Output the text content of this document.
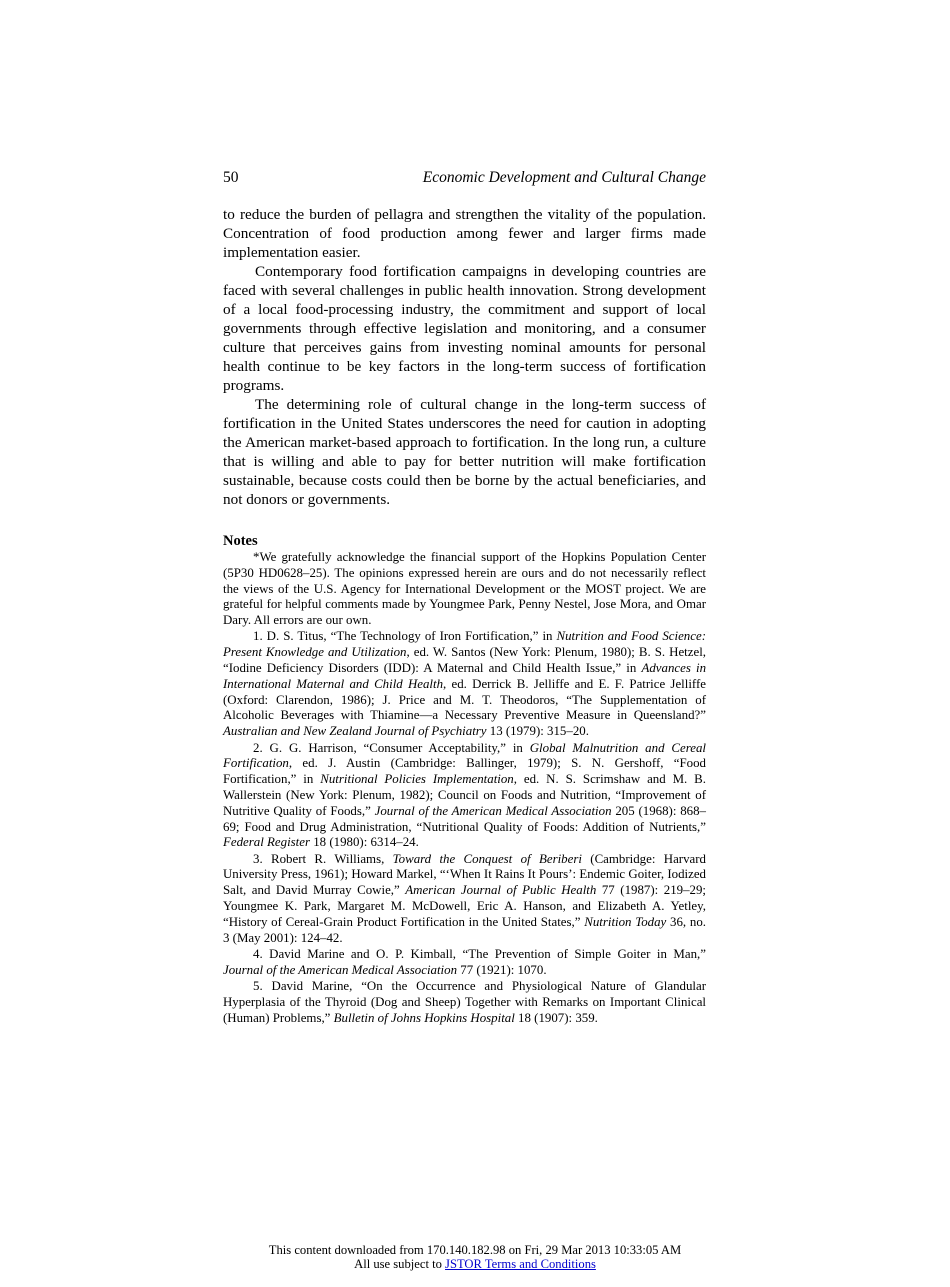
50	Economic Development and Cultural Change

to reduce the burden of pellagra and strengthen the vitality of the population. Concentration of food production among fewer and larger firms made implementation easier.

Contemporary food fortification campaigns in developing countries are faced with several challenges in public health innovation. Strong development of a local food-processing industry, the commitment and support of local governments through effective legislation and monitoring, and a consumer culture that perceives gains from investing nominal amounts for personal health continue to be key factors in the long-term success of fortification programs.

The determining role of cultural change in the long-term success of fortification in the United States underscores the need for caution in adopting the American market-based approach to fortification. In the long run, a culture that is willing and able to pay for better nutrition will make fortification sustainable, because costs could then be borne by the actual beneficiaries, and not donors or governments.

Notes

*We gratefully acknowledge the financial support of the Hopkins Population Center (5P30 HD0628–25). The opinions expressed herein are ours and do not necessarily reflect the views of the U.S. Agency for International Development or the MOST project. We are grateful for helpful comments made by Youngmee Park, Penny Nestel, Jose Mora, and Omar Dary. All errors are our own.

1. D. S. Titus, “The Technology of Iron Fortification,” in Nutrition and Food Science: Present Knowledge and Utilization, ed. W. Santos (New York: Plenum, 1980); B. S. Hetzel, “Iodine Deficiency Disorders (IDD): A Maternal and Child Health Issue,” in Advances in International Maternal and Child Health, ed. Derrick B. Jelliffe and E. F. Patrice Jelliffe (Oxford: Clarendon, 1986); J. Price and M. T. Theodoros, “The Supplementation of Alcoholic Beverages with Thiamine—a Necessary Preventive Measure in Queensland?” Australian and New Zealand Journal of Psychiatry 13 (1979): 315–20.

2. G. G. Harrison, “Consumer Acceptability,” in Global Malnutrition and Cereal Fortification, ed. J. Austin (Cambridge: Ballinger, 1979); S. N. Gershoff, “Food Fortification,” in Nutritional Policies Implementation, ed. N. S. Scrimshaw and M. B. Wallerstein (New York: Plenum, 1982); Council on Foods and Nutrition, “Improvement of Nutritive Quality of Foods,” Journal of the American Medical Association 205 (1968): 868–69; Food and Drug Administration, “Nutritional Quality of Foods: Addition of Nutrients,” Federal Register 18 (1980): 6314–24.

3. Robert R. Williams, Toward the Conquest of Beriberi (Cambridge: Harvard University Press, 1961); Howard Markel, “‘When It Rains It Pours’: Endemic Goiter, Iodized Salt, and David Murray Cowie,” American Journal of Public Health 77 (1987): 219–29; Youngmee K. Park, Margaret M. McDowell, Eric A. Hanson, and Elizabeth A. Yetley, “History of Cereal-Grain Product Fortification in the United States,” Nutrition Today 36, no. 3 (May 2001): 124–42.

4. David Marine and O. P. Kimball, “The Prevention of Simple Goiter in Man,” Journal of the American Medical Association 77 (1921): 1070.

5. David Marine, “On the Occurrence and Physiological Nature of Glandular Hyperplasia of the Thyroid (Dog and Sheep) Together with Remarks on Important Clinical (Human) Problems,” Bulletin of Johns Hopkins Hospital 18 (1907): 359.

This content downloaded from 170.140.182.98 on Fri, 29 Mar 2013 10:33:05 AM
All use subject to JSTOR Terms and Conditions
